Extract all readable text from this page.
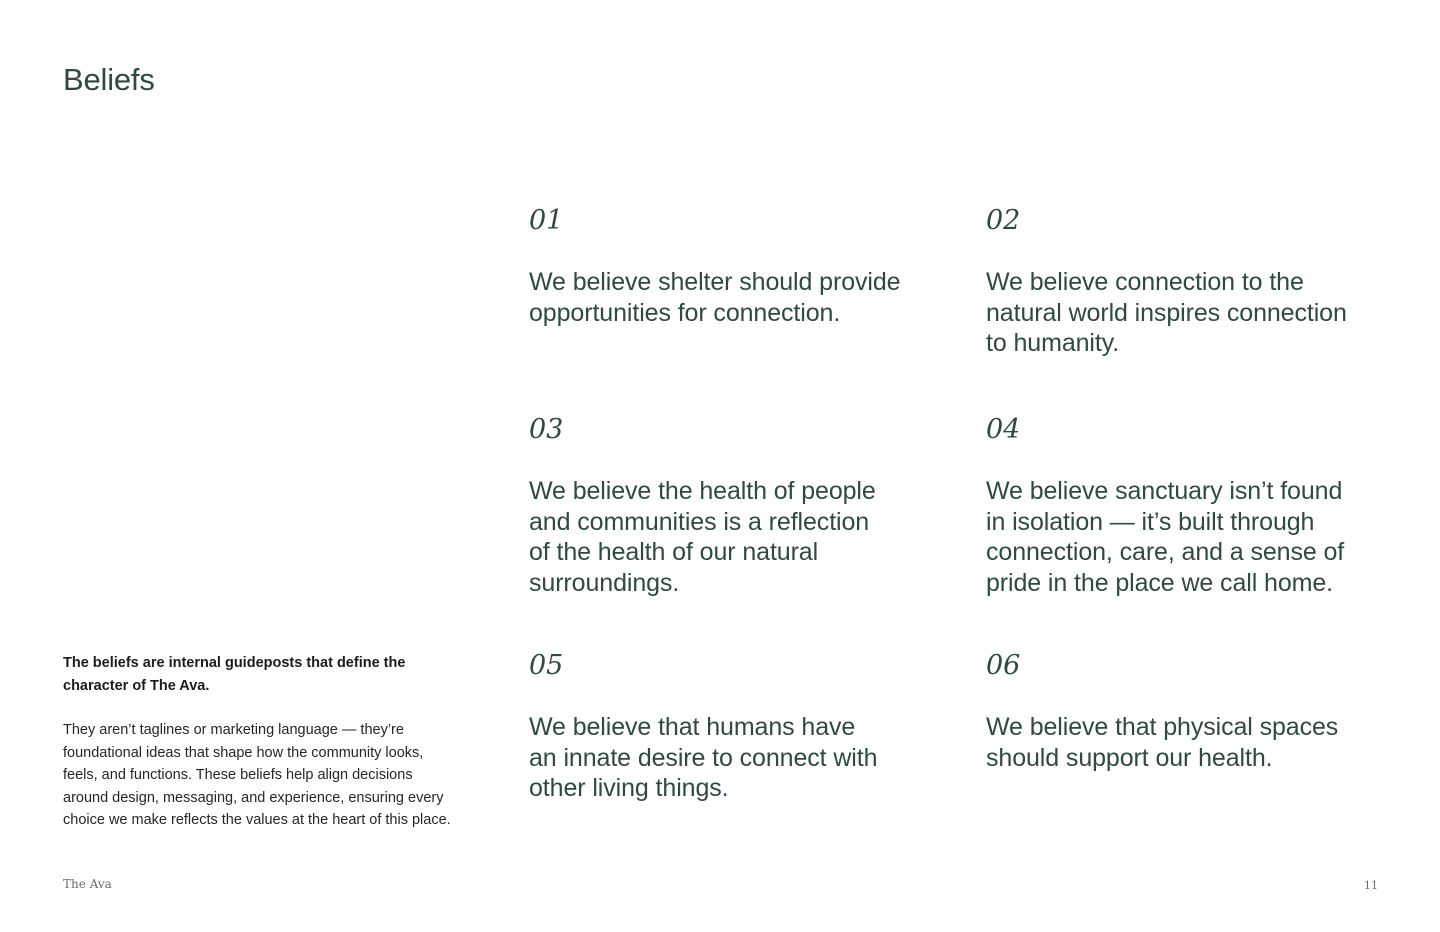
Beliefs

01

We believe shelter should provide opportunities for connection.

02

We believe connection to the natural world inspires connection to humanity.

03

We believe the health of people and communities is a reflection of the health of our natural surroundings.

04

We believe sanctuary isn’t found in isolation — it’s built through connection, care, and a sense of pride in the place we call home.

05

We believe that humans have an innate desire to connect with other living things.

06

We believe that physical spaces should support our health.

The beliefs are internal guideposts that define the character of The Ava.

They aren’t taglines or marketing language — they’re foundational ideas that shape how the community looks, feels, and functions. These beliefs help align decisions around design, messaging, and experience, ensuring every choice we make reflects the values at the heart of this place.

The Ava	11
